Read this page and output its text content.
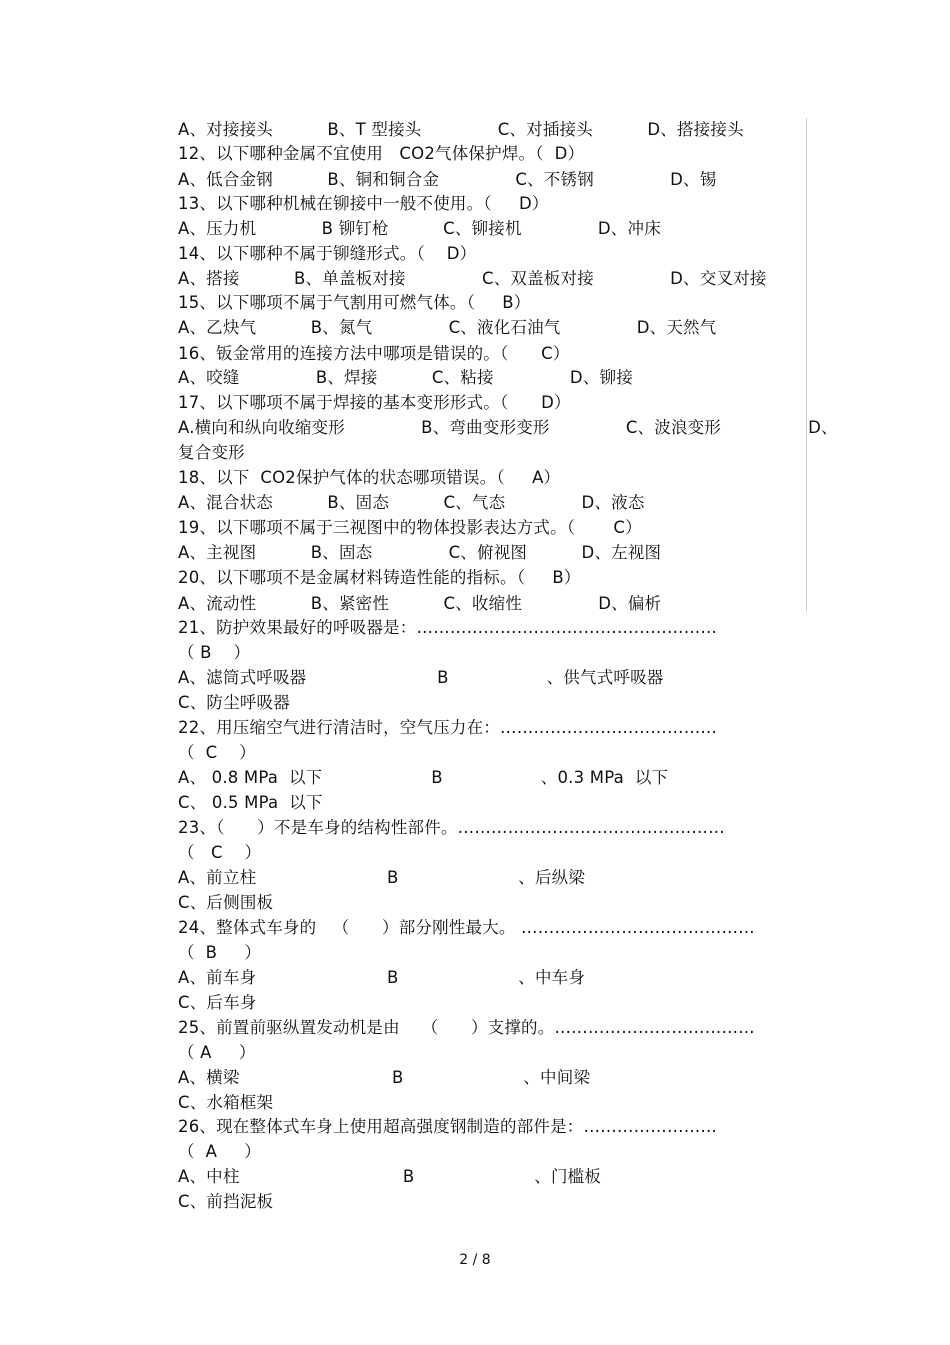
A、对接接头          B、T 型接头              C、对插接头          D、搭接接头
12、以下哪种金属不宜使用   CO2气体保护焊。（  D）
A、低合金钢          B、铜和铜合金              C、不锈钢              D、锡
13、以下哪种机械在铆接中一般不使用。（     D）
A、压力机            B 铆钉枪          C、铆接机              D、冲床
14、以下哪种不属于铆缝形式。（    D）
A、搭接          B、单盖板对接              C、双盖板对接              D、交叉对接
15、以下哪项不属于气割用可燃气体。（     B）
A、乙炔气          B、氮气              C、液化石油气              D、天然气
16、钣金常用的连接方法中哪项是错误的。（      C）
A、咬缝              B、焊接          C、粘接              D、铆接
17、以下哪项不属于焊接的基本变形形式。（      D）
A.横向和纵向收缩变形              B、弯曲变形变形              C、波浪变形                D、
复合变形
18、以下  CO2保护气体的状态哪项错误。（     A）
A、混合状态          B、固态          C、气态              D、液态
19、以下哪项不属于三视图中的物体投影表达方式。（       C）
A、主视图          B、固态              C、俯视图          D、左视图
20、以下哪项不是金属材料铸造性能的指标。（     B）
A、流动性          B、紧密性          C、收缩性              D、偏析
21、防护效果最好的呼吸器是：………………………………………………
（ B    ）
A、滤筒式呼吸器                        B                  、供气式呼吸器
C、防尘呼吸器
22、用压缩空气进行清洁时，空气压力在：…………………………………
（  C    ）
A、 0.8 MPa  以下                    B                  、0.3 MPa  以下
C、 0.5 MPa  以下
23、（      ）不是车身的结构性部件。…………………………………………
（   C    ）
A、前立柱                        B                      、后纵梁
C、后侧围板
24、整体式车身的   （      ）部分刚性最大。 ……………………………………
（  B     ）
A、前车身                        B                      、中车身
C、后车身
25、前置前驱纵置发动机是由    （      ）支撑的。………………………………
（ A     ）
A、横梁                            B                      、中间梁
C、水箱框架
26、现在整体式车身上使用超高强度钢制造的部件是：……………………
（  A     ）
A、中柱                              B                      、门槛板
C、前挡泥板
2 / 8
